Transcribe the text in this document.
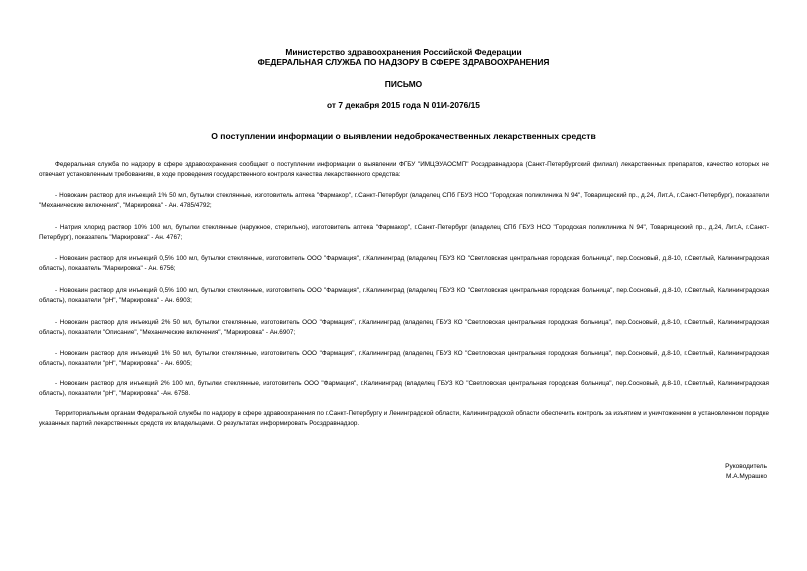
Министерство здравоохранения Российской Федерации
ФЕДЕРАЛЬНАЯ СЛУЖБА ПО НАДЗОРУ В СФЕРЕ ЗДРАВООХРАНЕНИЯ
ПИСЬМО
от 7 декабря 2015 года N 01И-2076/15
О поступлении информации о выявлении недоброкачественных лекарственных средств
Федеральная служба по надзору в сфере здравоохранения сообщает о поступлении информации о выявлении ФГБУ "ИМЦЭУАОСМП" Росздравнадзора (Санкт-Петербургский филиал) лекарственных препаратов, качество которых не отвечает установленным требованиям, в ходе проведения государственного контроля качества лекарственного средства:
- Новокаин раствор для инъекций 1% 50 мл, бутылки стеклянные, изготовитель аптека "Фармакор", г.Санкт-Петербург (владелец СПб ГБУЗ НСО "Городская поликлиника N 94", Товарищеский пр., д.24, Лит.А, г.Санкт-Петербург), показатели "Механические включения", "Маркировка" - Ан. 4785/4792;
- Натрия хлорид раствор 10% 100 мл, бутылки стеклянные (наружное, стерильно), изготовитель аптека "Фармакор", г.Санкт-Петербург (владелец СПб ГБУЗ НСО "Городская поликлиника N 94", Товарищеский пр., д.24, Лит.А, г.Санкт-Петербург), показатель "Маркировка" - Ан. 4767;
- Новокаин раствор для инъекций 0,5% 100 мл, бутылки стеклянные, изготовитель ООО "Фармация", г.Калининград (владелец ГБУЗ КО "Светловская центральная городская больница", пер.Сосновый, д.8-10, г.Светлый, Калининградская область), показатель "Маркировка" - Ан. 6756;
- Новокаин раствор для инъекций 0,5% 100 мл, бутылки стеклянные, изготовитель ООО "Фармация", г.Калининград (владелец ГБУЗ КО "Светловская центральная городская больница", пер.Сосновый, д.8-10, г.Светлый, Калининградская область), показатели "рН", "Маркировка" - Ан. 6903;
- Новокаин раствор для инъекций 2% 50 мл, бутылки стеклянные, изготовитель ООО "Фармация", г.Калининград (владелец ГБУЗ КО "Светловская центральная городская больница", пер.Сосновый, д.8-10, г.Светлый, Калининградская область), показатели "Описание", "Механические включения", "Маркировка" - Ан.6907;
- Новокаин раствор для инъекций 1% 50 мл, бутылки стеклянные, изготовитель ООО "Фармация", г.Калининград (владелец ГБУЗ КО "Светловская центральная городская больница", пер.Сосновый, д.8-10, г.Светлый, Калининградская область), показатели "рН", "Маркировка" - Ан. 6905;
- Новокаин раствор для инъекций 2% 100 мл, бутылки стеклянные, изготовитель ООО "Фармация", г.Калининград (владелец ГБУЗ КО "Светловская центральная городская больница", пер.Сосновый, д.8-10, г.Светлый, Калининградская область), показатели "рН", "Маркировка" -Ан. 6758.
Территориальным органам Федеральной службы по надзору в сфере здравоохранения по г.Санкт-Петербургу и Ленинградской области, Калининградской области обеспечить контроль за изъятием и уничтожением в установленном порядке указанных партий лекарственных средств их владельцами. О результатах информировать Росздравнадзор.
Руководитель
М.А.Мурашко
